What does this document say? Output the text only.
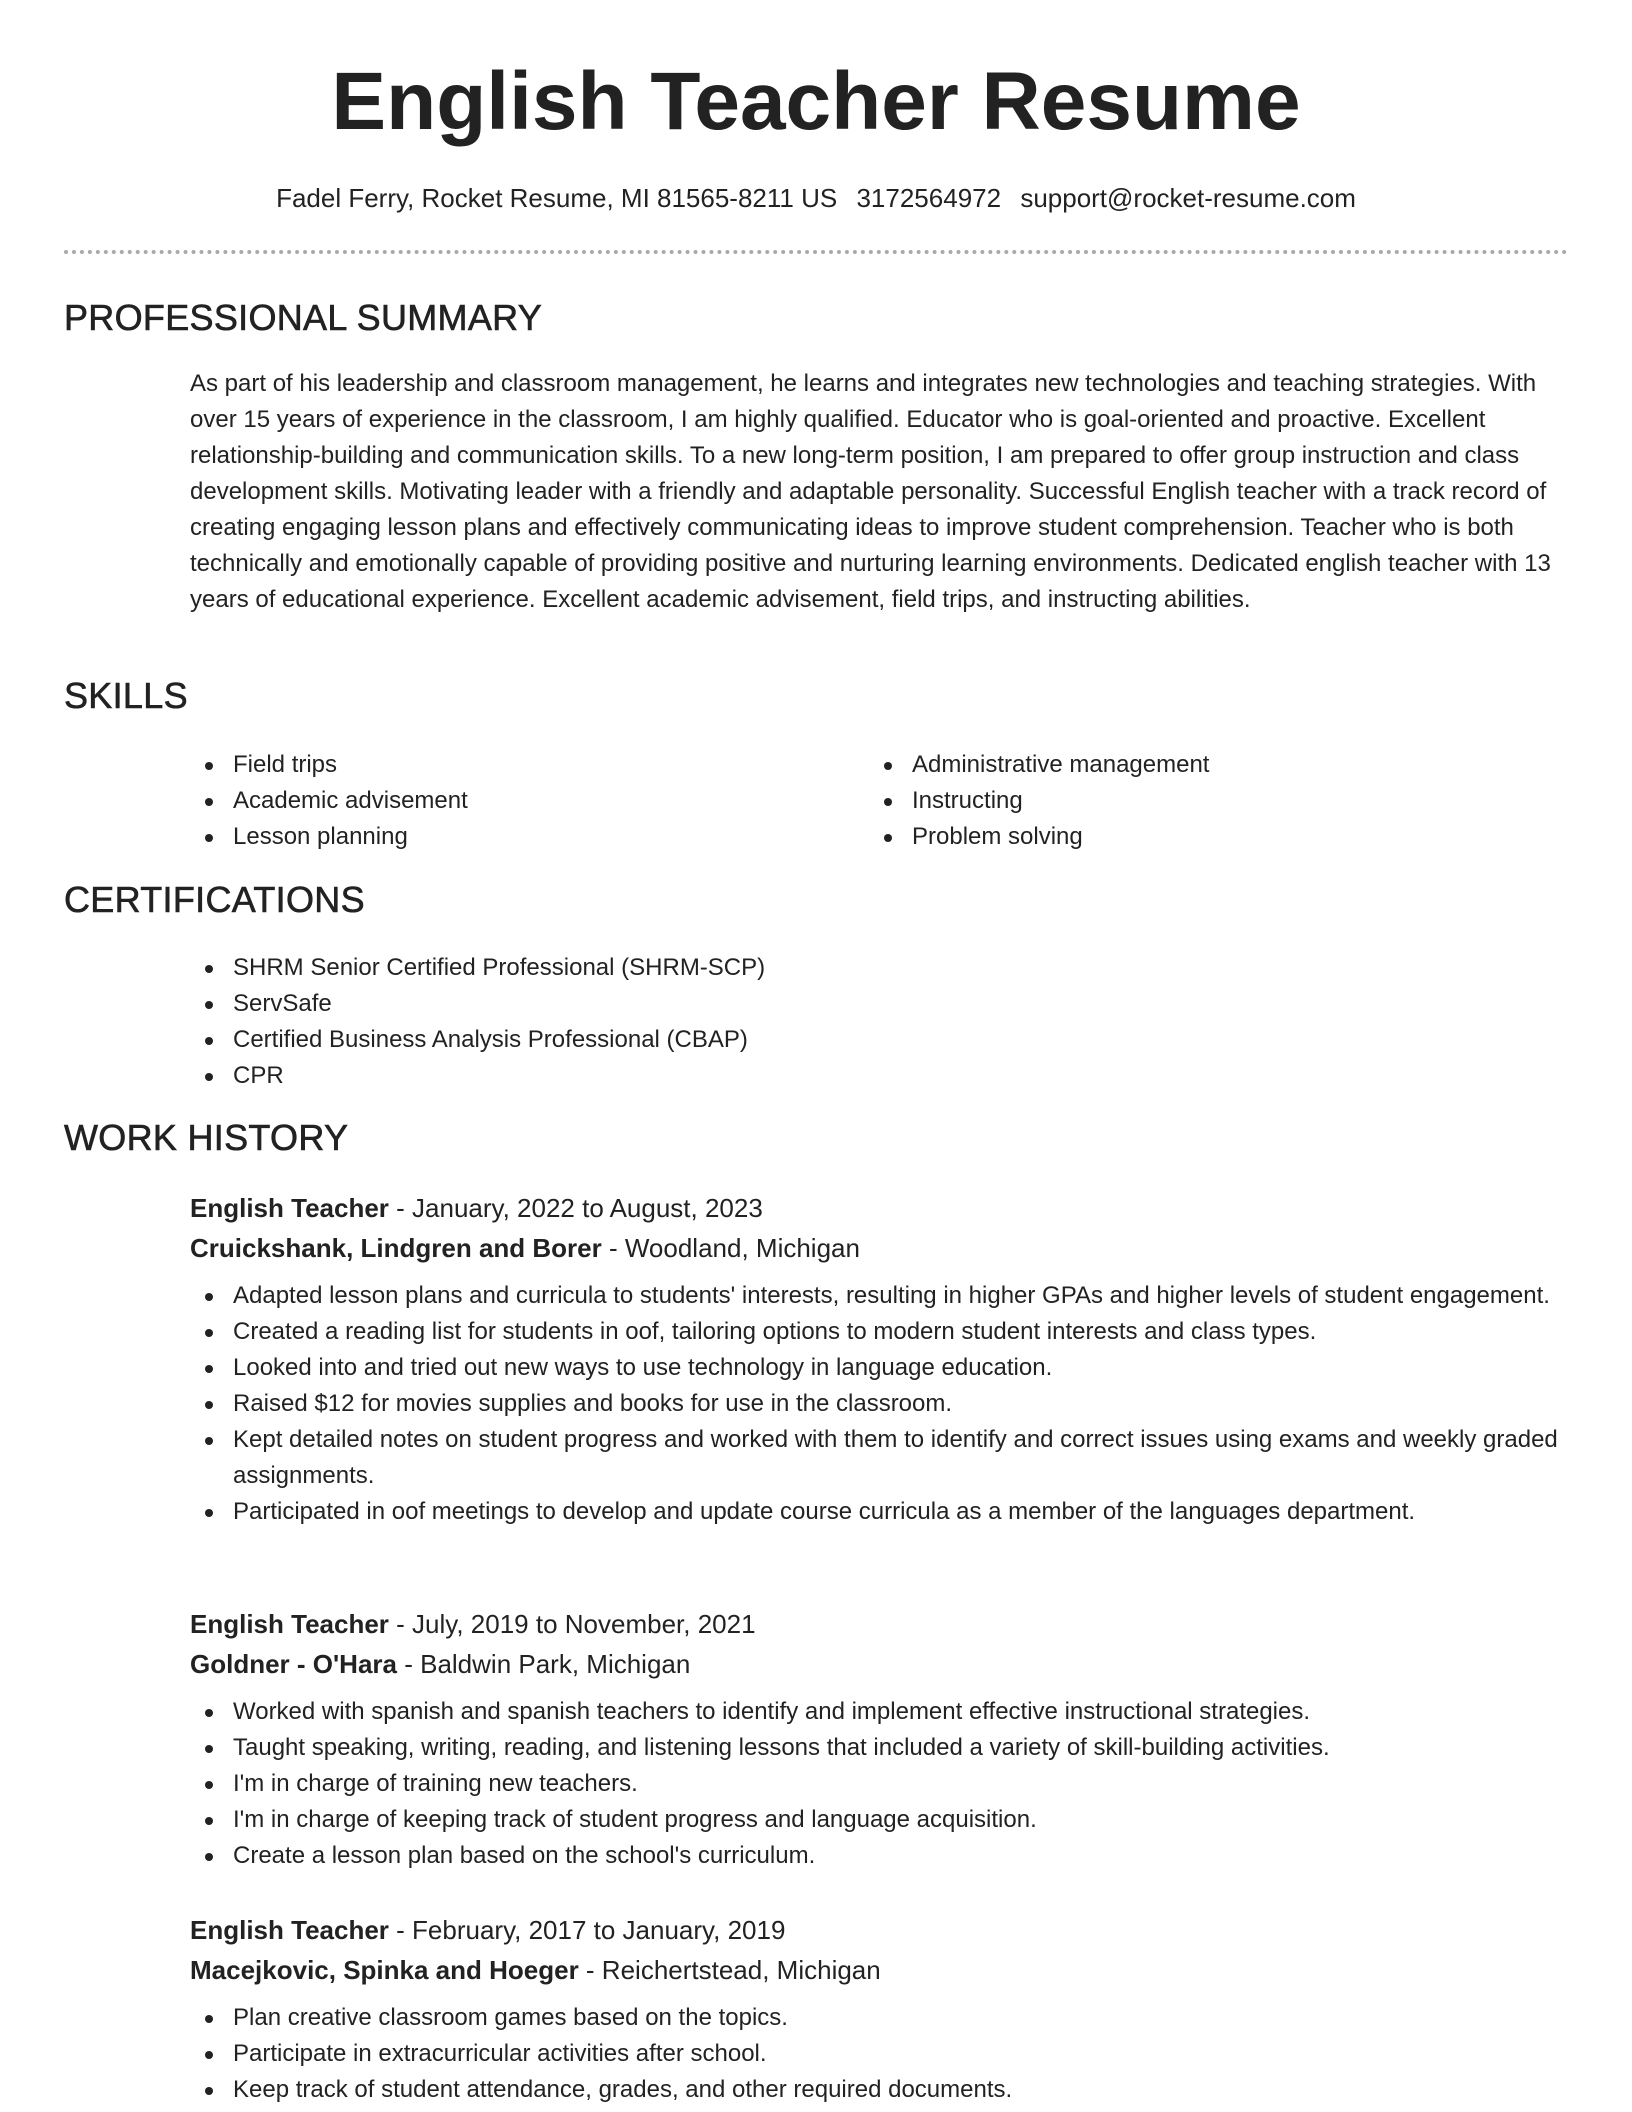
English Teacher Resume
Fadel Ferry, Rocket Resume, MI 81565-8211 US 3172564972 support@rocket-resume.com
PROFESSIONAL SUMMARY

As part of his leadership and classroom management, he learns and integrates new technologies and teaching strategies. With over 15 years of experience in the classroom, I am highly qualified. Educator who is goal-oriented and proactive. Excellent relationship-building and communication skills. To a new long-term position, I am prepared to offer group instruction and class development skills. Motivating leader with a friendly and adaptable personality. Successful English teacher with a track record of creating engaging lesson plans and effectively communicating ideas to improve student comprehension. Teacher who is both technically and emotionally capable of providing positive and nurturing learning environments. Dedicated english teacher with 13 years of educational experience. Excellent academic advisement, field trips, and instructing abilities.

SKILLS
Field trips
Academic advisement
Lesson planning
Administrative management
Instructing
Problem solving
CERTIFICATIONS
SHRM Senior Certified Professional (SHRM-SCP)
ServSafe
Certified Business Analysis Professional (CBAP)
CPR
WORK HISTORY
English Teacher - January, 2022 to August, 2023
Cruickshank, Lindgren and Borer - Woodland, Michigan
Adapted lesson plans and curricula to students' interests, resulting in higher GPAs and higher levels of student engagement.
Created a reading list for students in oof, tailoring options to modern student interests and class types.
Looked into and tried out new ways to use technology in language education.
Raised $12 for movies supplies and books for use in the classroom.
Kept detailed notes on student progress and worked with them to identify and correct issues using exams and weekly graded assignments.
Participated in oof meetings to develop and update course curricula as a member of the languages department.
English Teacher - July, 2019 to November, 2021
Goldner - O'Hara - Baldwin Park, Michigan
Worked with spanish and spanish teachers to identify and implement effective instructional strategies.
Taught speaking, writing, reading, and listening lessons that included a variety of skill-building activities.
I'm in charge of training new teachers.
I'm in charge of keeping track of student progress and language acquisition.
Create a lesson plan based on the school's curriculum.
English Teacher - February, 2017 to January, 2019
Macejkovic, Spinka and Hoeger - Reichertstead, Michigan
Plan creative classroom games based on the topics.
Participate in extracurricular activities after school.
Keep track of student attendance, grades, and other required documents.
